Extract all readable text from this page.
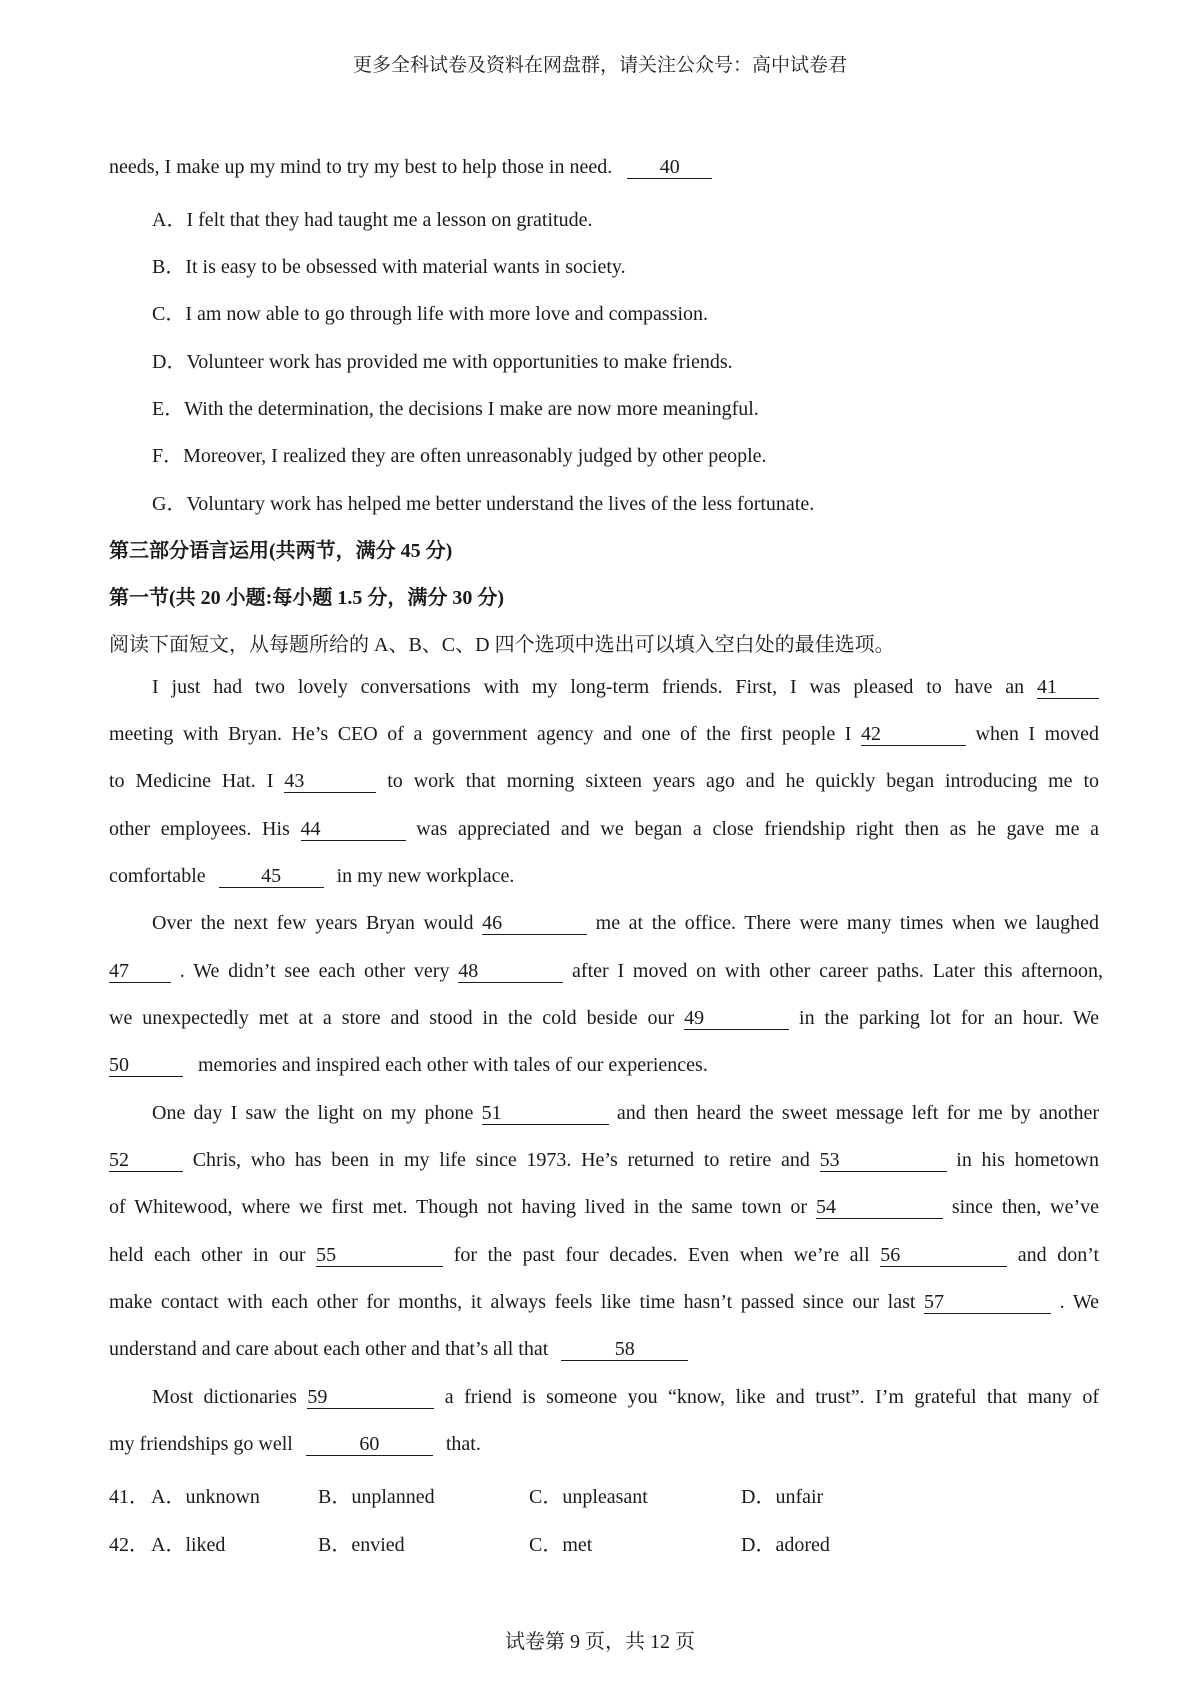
更多全科试卷及资料在网盘群，请关注公众号：高中试卷君
needs, I make up my mind to try my best to help those in need. 40
A．I felt that they had taught me a lesson on gratitude.
B．It is easy to be obsessed with material wants in society.
C．I am now able to go through life with more love and compassion.
D．Volunteer work has provided me with opportunities to make friends.
E．With the determination, the decisions I make are now more meaningful.
F．Moreover, I realized they are often unreasonably judged by other people.
G．Voluntary work has helped me better understand the lives of the less fortunate.
第三部分语言运用(共两节，满分 45 分)
第一节(共 20 小题:每小题 1.5 分，满分 30 分)
阅读下面短文，从每题所给的 A、B、C、D 四个选项中选出可以填入空白处的最佳选项。
I just had two lovely conversations with my long-term friends. First, I was pleased to have an 41
meeting with Bryan. He’s CEO of a government agency and one of the first people I 42	when I moved
to Medicine Hat. I 43	to work that morning sixteen years ago and he quickly began introducing me to
other employees. His 44	was appreciated and we began a close friendship right then as he gave me a
comfortable	45	in my new workplace.
Over the next few years Bryan would 46	me at the office. There were many times when we laughed
47	. We didn’t see each other very 48	after I moved on with other career paths. Later this afternoon,
we unexpectedly met at a store and stood in the cold beside our 49	in the parking lot for an hour. We
50	memories and inspired each other with tales of our experiences.
One day I saw the light on my phone 51	and then heard the sweet message left for me by another
52	Chris, who has been in my life since 1973. He’s returned to retire and 53	in his hometown
of Whitewood, where we first met. Though not having lived in the same town or 54	since then, we’ve
held each other in our 55	for the past four decades. Even when we’re all 56	and don’t
make contact with each other for months, it always feels like time hasn’t passed since our last 57	. We
understand and care about each other and that’s all that	58
Most dictionaries 59	a friend is someone you “know, like and trust”. I’m grateful that many of
my friendships go well	60	that.
41． A．unknown	B．unplanned	C．unpleasant	D．unfair
42． A．liked	B．envied	C．met	D．adored
试卷第 9 页，共 12 页
